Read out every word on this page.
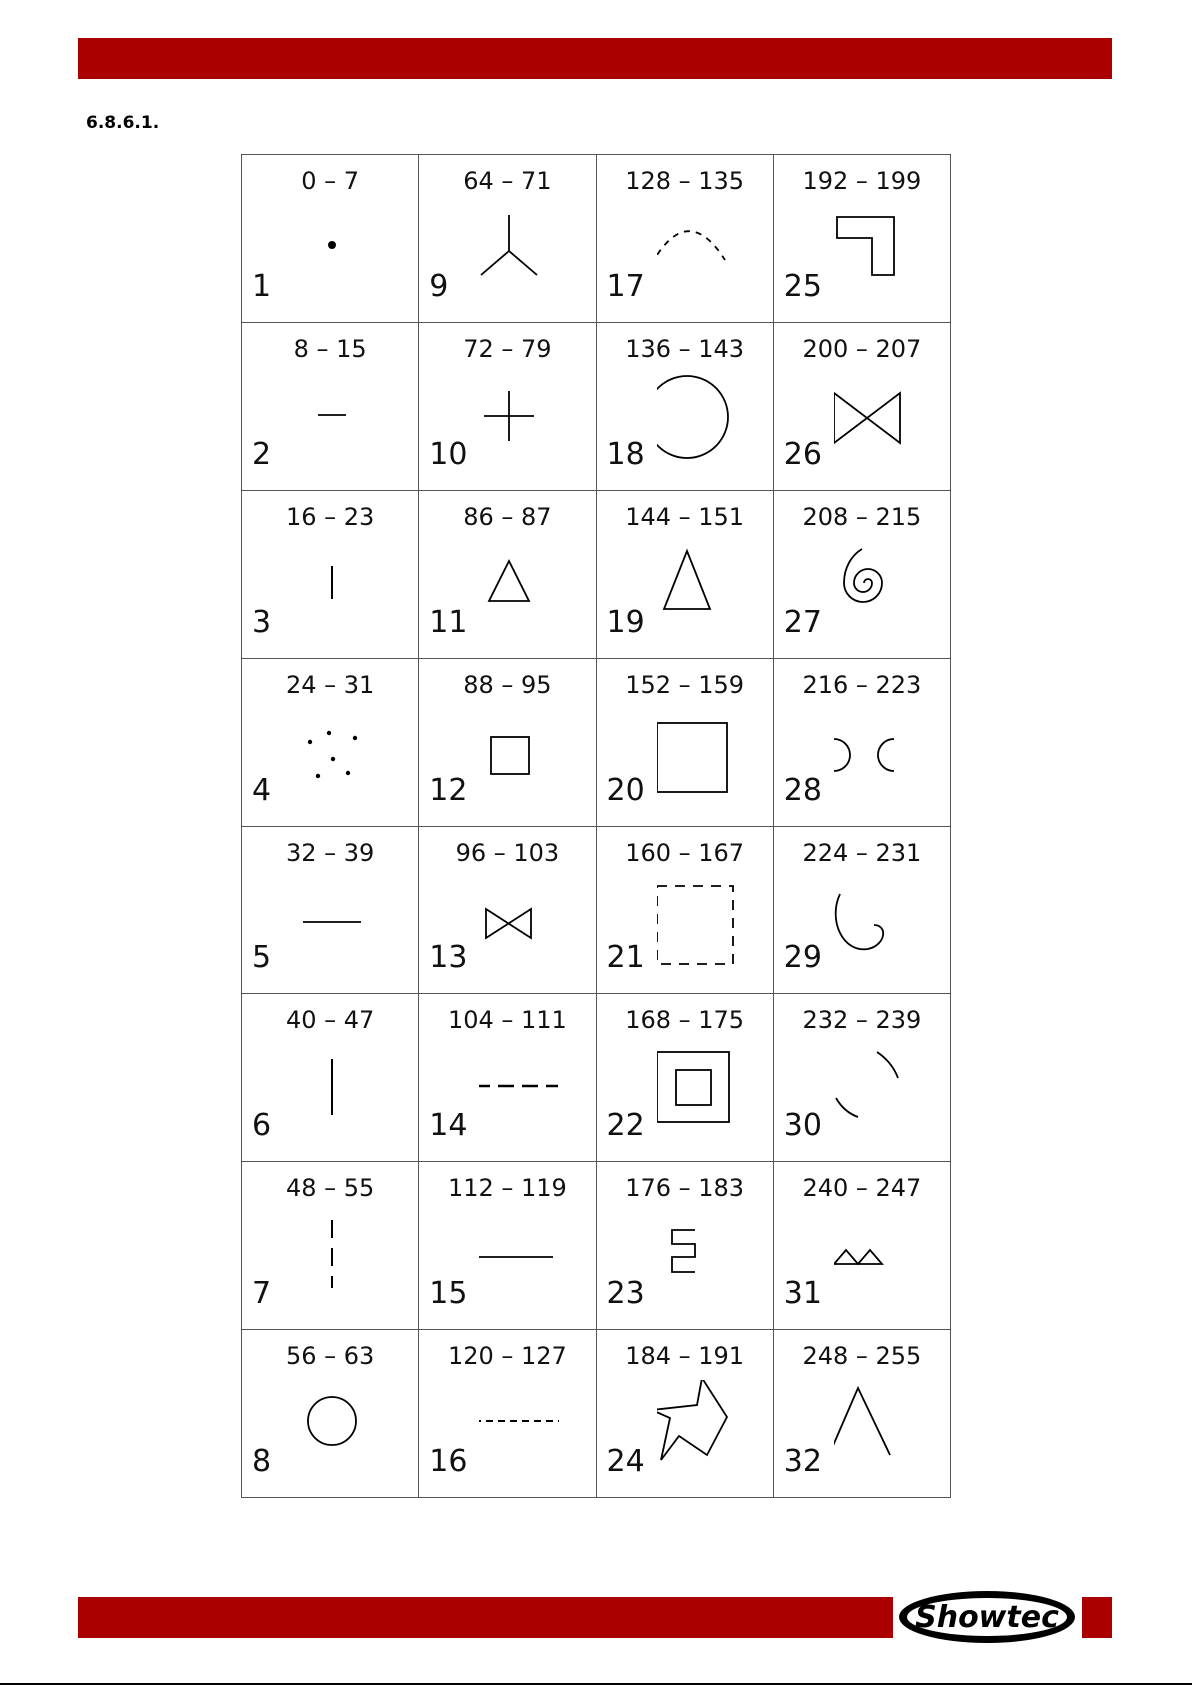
6.8.6.1.
0 – 7
1
64 – 71
9
128 – 135
17
192 – 199
25
8 – 15
2
72 – 79
10
136 – 143
18
200 – 207
26
16 – 23
3
86 – 87
11
144 – 151
19
208 – 215
27
24 – 31
4
88 – 95
12
152 – 159
20
216 – 223
28
32 – 39
5
96 – 103
13
160 – 167
21
224 – 231
29
40 – 47
6
104 – 111
14
168 – 175
22
232 – 239
30
48 – 55
7
112 – 119
15
176 – 183
23
240 – 247
31
56 – 63
8
120 – 127
16
184 – 191
24
248 – 255
32
Showtec
